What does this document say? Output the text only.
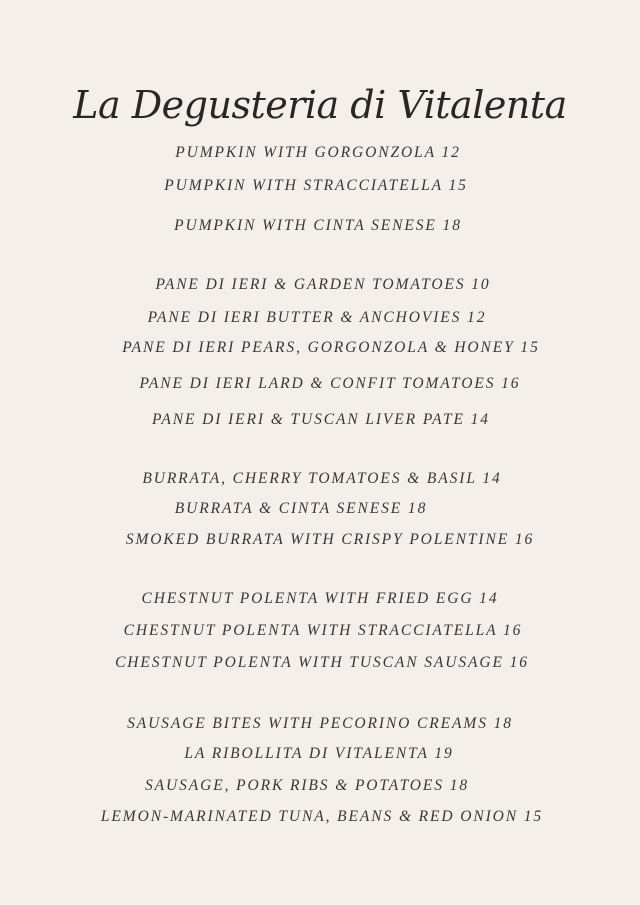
La Degusteria di Vitalenta
PUMPKIN WITH GORGONZOLA 12
PUMPKIN WITH STRACCIATELLA 15
PUMPKIN WITH CINTA SENESE 18
PANE DI IERI & GARDEN TOMATOES 10
PANE DI IERI BUTTER & ANCHOVIES 12
PANE DI IERI PEARS, GORGONZOLA & HONEY 15
PANE DI IERI LARD & CONFIT TOMATOES 16
PANE DI IERI & TUSCAN LIVER PATE 14
BURRATA, CHERRY TOMATOES & BASIL 14
BURRATA & CINTA SENESE 18
SMOKED BURRATA WITH CRISPY POLENTINE 16
CHESTNUT POLENTA WITH FRIED EGG 14
CHESTNUT POLENTA WITH STRACCIATELLA 16
CHESTNUT POLENTA WITH TUSCAN SAUSAGE 16
SAUSAGE BITES WITH PECORINO CREAMS 18
LA RIBOLLITA DI VITALENTA 19
SAUSAGE, PORK RIBS & POTATOES 18
LEMON-MARINATED TUNA, BEANS & RED ONION 15
